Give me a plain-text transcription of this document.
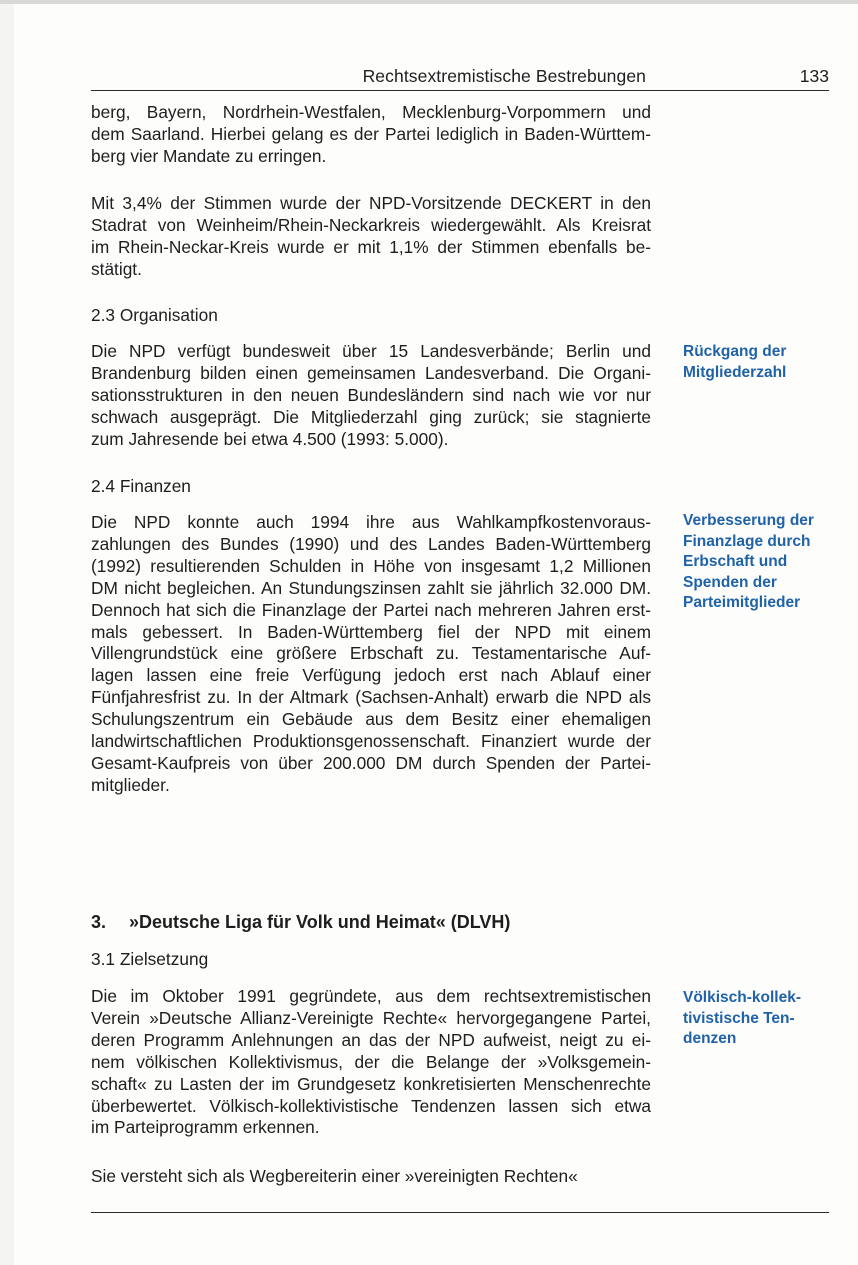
Rechtsextremistische Bestrebungen	133

berg, Bayern, Nordrhein-Westfalen, Mecklenburg-Vorpommern und
dem Saarland. Hierbei gelang es der Partei lediglich in Baden-Württem-
berg vier Mandate zu erringen.

Mit 3,4% der Stimmen wurde der NPD-Vorsitzende DECKERT in den
Stadrat von Weinheim/Rhein-Neckarkreis wiedergewählt. Als Kreisrat
im Rhein-Neckar-Kreis wurde er mit 1,1% der Stimmen ebenfalls be-
stätigt.

2.3 Organisation

Die NPD verfügt bundesweit über 15 Landesverbände; Berlin und
Brandenburg bilden einen gemeinsamen Landesverband. Die Organi-
sationsstrukturen in den neuen Bundesländern sind nach wie vor nur
schwach ausgeprägt. Die Mitgliederzahl ging zurück; sie stagnierte
zum Jahresende bei etwa 4.500 (1993: 5.000).

2.4 Finanzen

Die NPD konnte auch 1994 ihre aus Wahlkampfkostenvoraus-
zahlungen des Bundes (1990) und des Landes Baden-Württemberg
(1992) resultierenden Schulden in Höhe von insgesamt 1,2 Millionen
DM nicht begleichen. An Stundungszinsen zahlt sie jährlich 32.000 DM.
Dennoch hat sich die Finanzlage der Partei nach mehreren Jahren erst-
mals gebessert. In Baden-Württemberg fiel der NPD mit einem
Villengrundstück eine größere Erbschaft zu. Testamentarische Auf-
lagen lassen eine freie Verfügung jedoch erst nach Ablauf einer
Fünfjahresfrist zu. In der Altmark (Sachsen-Anhalt) erwarb die NPD als
Schulungszentrum ein Gebäude aus dem Besitz einer ehemaligen
landwirtschaftlichen Produktionsgenossenschaft. Finanziert wurde der
Gesamt-Kaufpreis von über 200.000 DM durch Spenden der Partei-
mitglieder.

3. »Deutsche Liga für Volk und Heimat« (DLVH)

3.1 Zielsetzung

Die im Oktober 1991 gegründete, aus dem rechtsextremistischen
Verein »Deutsche Allianz-Vereinigte Rechte« hervorgegangene Partei,
deren Programm Anlehnungen an das der NPD aufweist, neigt zu ei-
nem völkischen Kollektivismus, der die Belange der »Volksgemein-
schaft« zu Lasten der im Grundgesetz konkretisierten Menschenrechte
überbewertet. Völkisch-kollektivistische Tendenzen lassen sich etwa
im Parteiprogramm erkennen.

Sie versteht sich als Wegbereiterin einer »vereinigten Rechten«

Rückgang der
Mitgliederzahl
Verbesserung der
Finanzlage durch
Erbschaft und
Spenden der
Parteimitglieder
Völkisch-kollek-
tivistische Ten-
denzen
